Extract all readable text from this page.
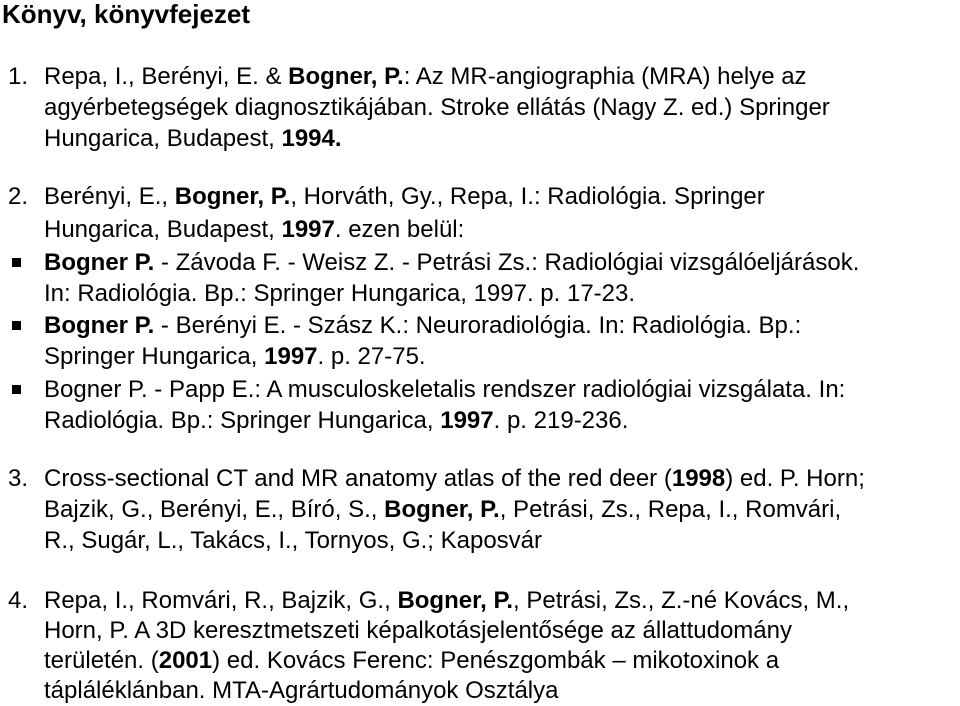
Könyv, könyvfejezet
1. Repa, I., Berényi, E. & Bogner, P.: Az MR-angiographia (MRA) helye az
agyérbetegségek diagnosztikájában. Stroke ellátás (Nagy Z. ed.) Springer
Hungarica, Budapest, 1994.
2. Berényi, E., Bogner, P., Horváth, Gy., Repa, I.: Radiológia. Springer
Hungarica, Budapest, 1997. ezen belül:
Bogner P. - Závoda F. - Weisz Z. - Petrási Zs.: Radiológiai vizsgálóeljárások.
In: Radiológia. Bp.: Springer Hungarica, 1997. p. 17-23.
Bogner P. - Berényi E. - Szász K.: Neuroradiológia. In: Radiológia. Bp.:
Springer Hungarica, 1997. p. 27-75.
Bogner P. - Papp E.: A musculoskeletalis rendszer radiológiai vizsgálata. In:
Radiológia. Bp.: Springer Hungarica, 1997. p. 219-236.
3. Cross-sectional CT and MR anatomy atlas of the red deer (1998) ed. P. Horn;
Bajzik, G., Berényi, E., Bíró, S., Bogner, P., Petrási, Zs., Repa, I., Romvári,
R., Sugár, L., Takács, I., Tornyos, G.; Kaposvár
4. Repa, I., Romvári, R., Bajzik, G., Bogner, P., Petrási, Zs., Z.-né Kovács, M.,
Horn, P. A 3D keresztmetszeti képalkotásjelentősége az állattudomány
területén. (2001) ed. Kovács Ferenc: Penészgombák – mikotoxinok a
tápláléklánban. MTA-Agrártudományok Osztálya
